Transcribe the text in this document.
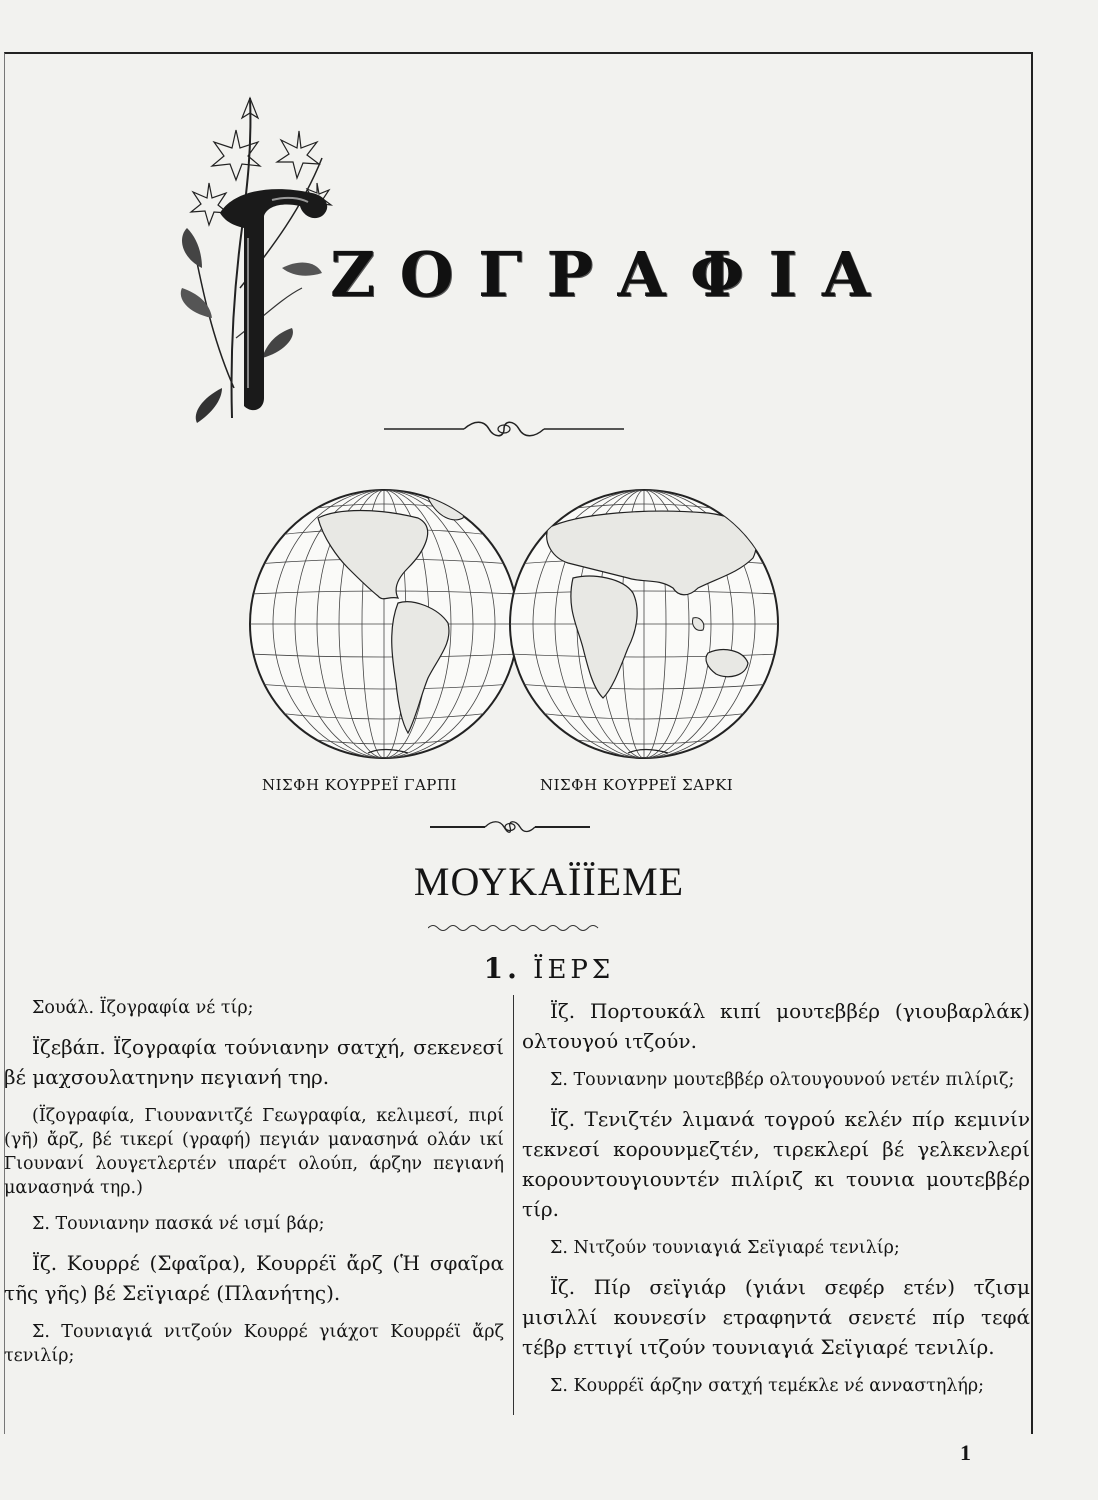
Ζ Ο Γ Ρ Α Φ Ι Α
ΝΙΣΦΗ ΚΟΥΡΡΕΪ ΓΑΡΠΙ	ΝΙΣΦΗ ΚΟΥΡΡΕΪ ΣΑΡΚΙ
ΜΟΥΚΑΪΪΕΜΕ
1. ΪΕΡΣ

Σουάλ. Ϊζογραφία νέ τίρ;

Ϊζεβάπ. Ϊζογραφία τούνιανην σατχή, σεκενεσί βέ μαχσουλατηνην πεγιανή τηρ.

(Ϊζογραφία, Γιουνανιτζέ Γεωγραφία, κελιμεσί, πιρί (γῆ) ἄρζ, βέ τικερί (γραφή) πεγιάν μανασηνά ολάν ικί Γιουνανί λουγετλερτέν ιπαρέτ ολούπ, άρζην πεγιανή μανασηνά τηρ.)

Σ. Τουνιανην πασκά νέ ισμί βάρ;

Ϊζ. Κουρρέ (Σφαῖρα), Κουρρέϊ ἄρζ (Ἡ σφαῖρα τῆς γῆς) βέ Σεϊγιαρέ (Πλανήτης).

Σ. Τουνιαγιά νιτζούν Κουρρέ γιάχοτ Κουρρέϊ ἄρζ τενιλίρ;

Ϊζ. Πορτουκάλ κιπί μουτεββέρ (γιουβαρλάκ) ολτουγού ιτζούν.

Σ. Τουνιανην μουτεββέρ ολτουγουνού νετέν πιλίριζ;

Ϊζ. Τενιζτέν λιμανά τογρού κελέν πίρ κεμινίν τεκνεσί κορουνμεζτέν, τιρεκλερί βέ γελκενλερί κορουντουγιουντέν πιλίριζ κι τουνια μουτεββέρ τίρ.

Σ. Νιτζούν τουνιαγιά Σεϊγιαρέ τενιλίρ;

Ϊζ. Πίρ σεϊγιάρ (γιάνι σεφέρ ετέν) τζισμ μισιλλί κουνεσίν ετραφηντά σενετέ πίρ τεφά τέβρ εττιγί ιτζούν τουνιαγιά Σεϊγιαρέ τενιλίρ.

Σ. Κουρρέϊ άρζην σατχή τεμέκλε νέ ανναστηλήρ;

1
